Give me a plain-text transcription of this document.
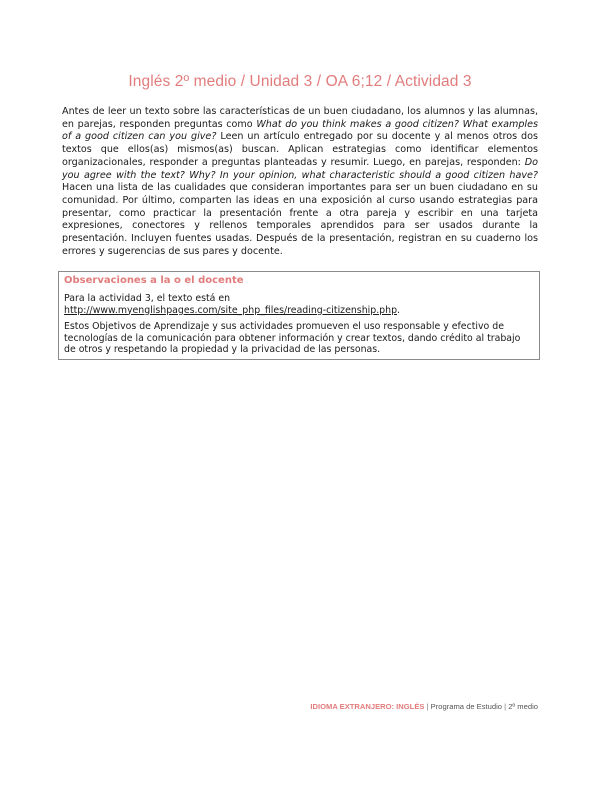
Inglés 2º medio / Unidad 3 / OA 6;12 / Actividad 3
Antes de leer un texto sobre las características de un buen ciudadano, los alumnos y las alumnas, en parejas, responden preguntas como What do you think makes a good citizen? What examples of a good citizen can you give? Leen un artículo entregado por su docente y al menos otros dos textos que ellos(as) mismos(as) buscan. Aplican estrategias como identificar elementos organizacionales, responder a preguntas planteadas y resumir. Luego, en parejas, responden: Do you agree with the text? Why? In your opinion, what characteristic should a good citizen have? Hacen una lista de las cualidades que consideran importantes para ser un buen ciudadano en su comunidad. Por último, comparten las ideas en una exposición al curso usando estrategias para presentar, como practicar la presentación frente a otra pareja y escribir en una tarjeta expresiones, conectores y rellenos temporales aprendidos para ser usados durante la presentación. Incluyen fuentes usadas. Después de la presentación, registran en su cuaderno los errores y sugerencias de sus pares y docente.
Observaciones a la o el docente
Para la actividad 3, el texto está en
http://www.myenglishpages.com/site_php_files/reading-citizenship.php.
Estos Objetivos de Aprendizaje y sus actividades promueven el uso responsable y efectivo de tecnologías de la comunicación para obtener información y crear textos, dando crédito al trabajo de otros y respetando la propiedad y la privacidad de las personas.
IDIOMA EXTRANJERO: INGLÉS | Programa de Estudio | 2º medio
